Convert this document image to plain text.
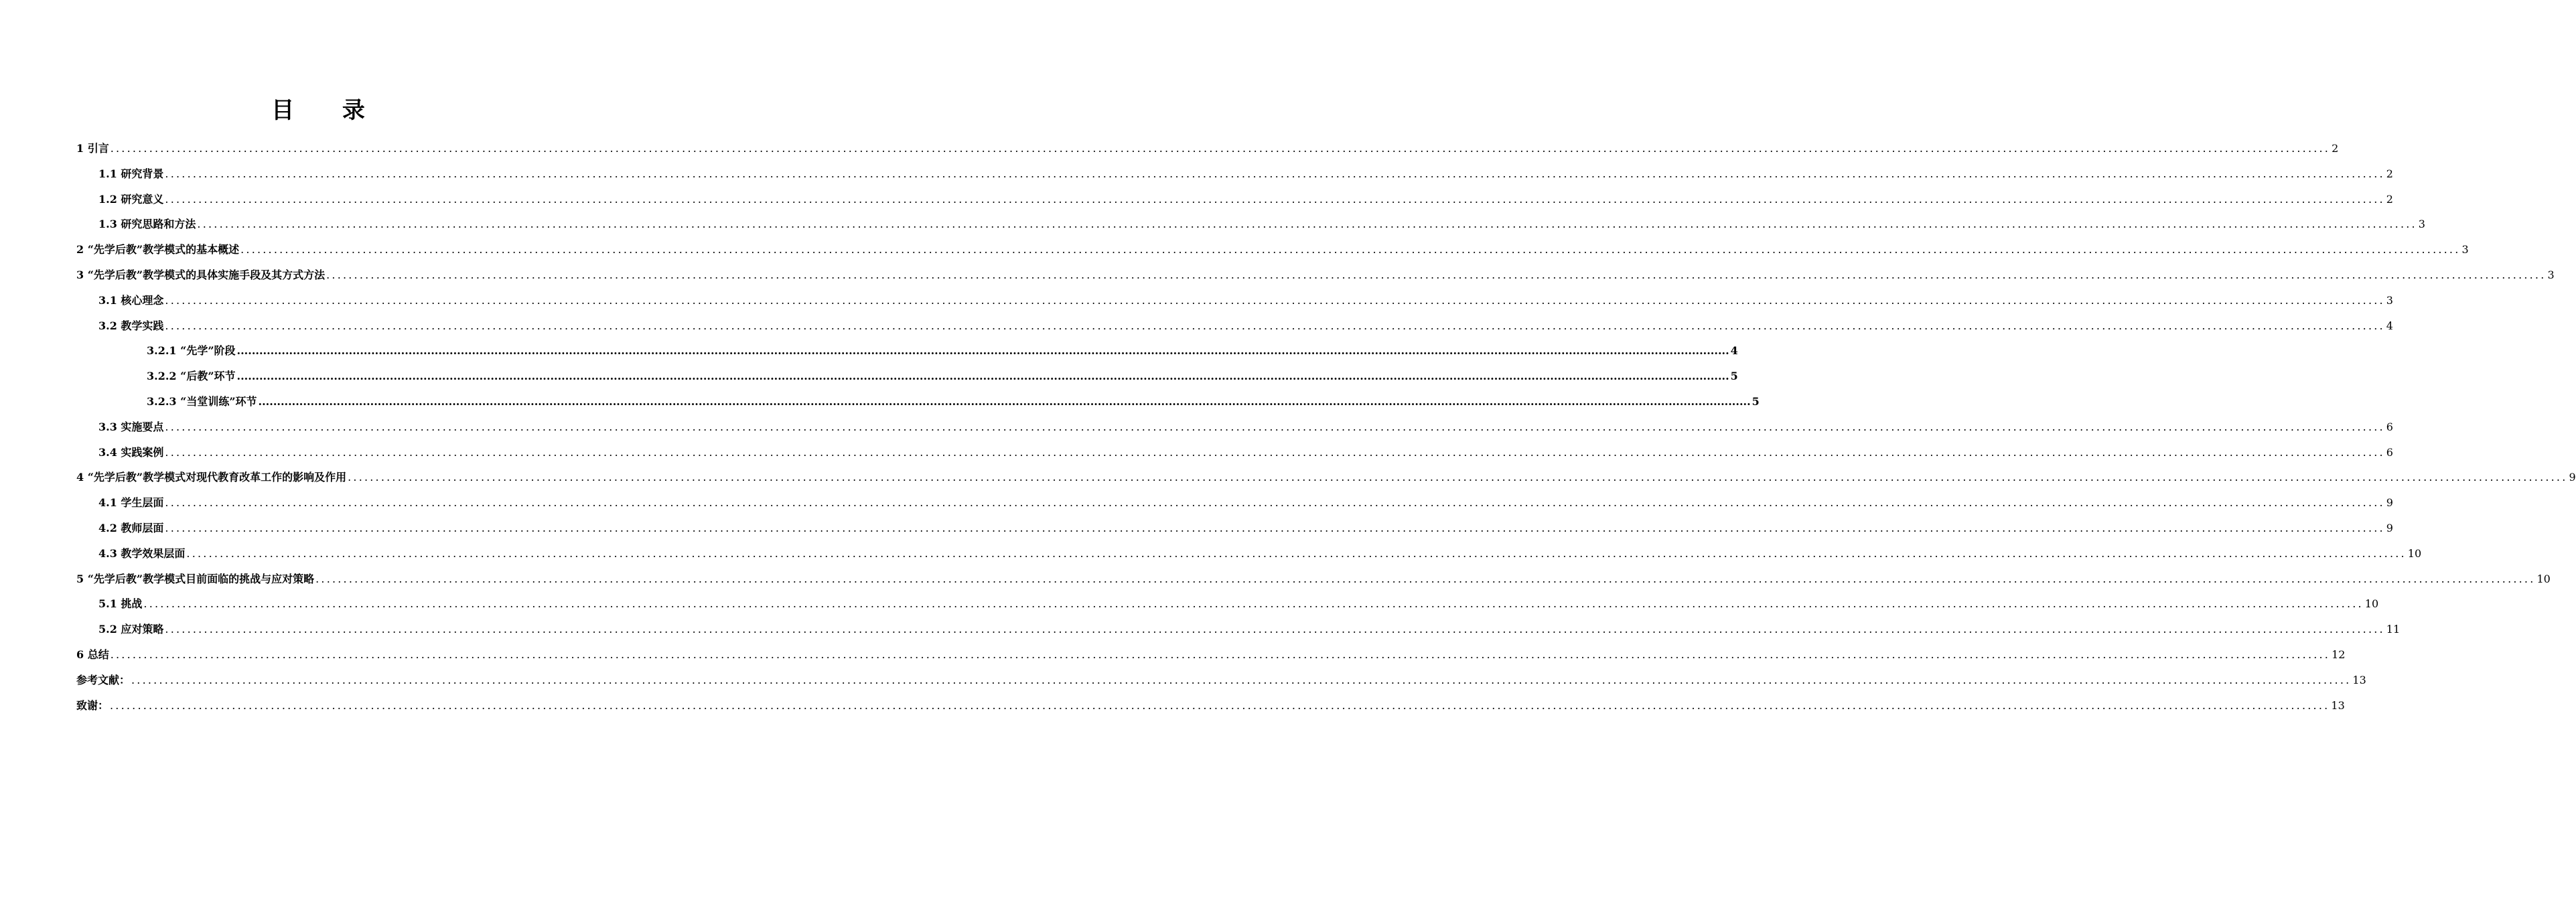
目 录
1 引言 ................................................................................................................................................................................................................................................................................................................................................................................................................ 2
1.1 研究背景 ................................................................................................................................................................................................................................................................................................................................................................................................................ 2
1.2 研究意义 ................................................................................................................................................................................................................................................................................................................................................................................................................ 2
1.3 研究思路和方法 ................................................................................................................................................................................................................................................................................................................................................................................................................ 3
2 “先学后教”教学模式的基本概述 ................................................................................................................................................................................................................................................................................................................................................................................................................ 3
3 “先学后教”教学模式的具体实施手段及其方式方法 ................................................................................................................................................................................................................................................................................................................................................................................................................ 3
3.1 核心理念 ................................................................................................................................................................................................................................................................................................................................................................................................................ 3
3.2 教学实践 ................................................................................................................................................................................................................................................................................................................................................................................................................ 4
3.2.1 “先学”阶段 ................................................................................................................................................................................................................................................................................................................................................................................................................ 4
3.2.2 “后教”环节 ................................................................................................................................................................................................................................................................................................................................................................................................................ 5
3.2.3 “当堂训练”环节 ................................................................................................................................................................................................................................................................................................................................................................................................................ 5
3.3 实施要点 ................................................................................................................................................................................................................................................................................................................................................................................................................ 6
3.4 实践案例 ................................................................................................................................................................................................................................................................................................................................................................................................................ 6
4 “先学后教”教学模式对现代教育改革工作的影响及作用 ................................................................................................................................................................................................................................................................................................................................................................................................................ 9
4.1 学生层面 ................................................................................................................................................................................................................................................................................................................................................................................................................ 9
4.2 教师层面 ................................................................................................................................................................................................................................................................................................................................................................................................................ 9
4.3 教学效果层面 ................................................................................................................................................................................................................................................................................................................................................................................................................ 10
5 “先学后教”教学模式目前面临的挑战与应对策略 ................................................................................................................................................................................................................................................................................................................................................................................................................ 10
5.1 挑战 ................................................................................................................................................................................................................................................................................................................................................................................................................ 10
5.2 应对策略 ................................................................................................................................................................................................................................................................................................................................................................................................................ 11
6 总结 ................................................................................................................................................................................................................................................................................................................................................................................................................ 12
参考文献： ................................................................................................................................................................................................................................................................................................................................................................................................................ 13
致谢： ................................................................................................................................................................................................................................................................................................................................................................................................................ 13
